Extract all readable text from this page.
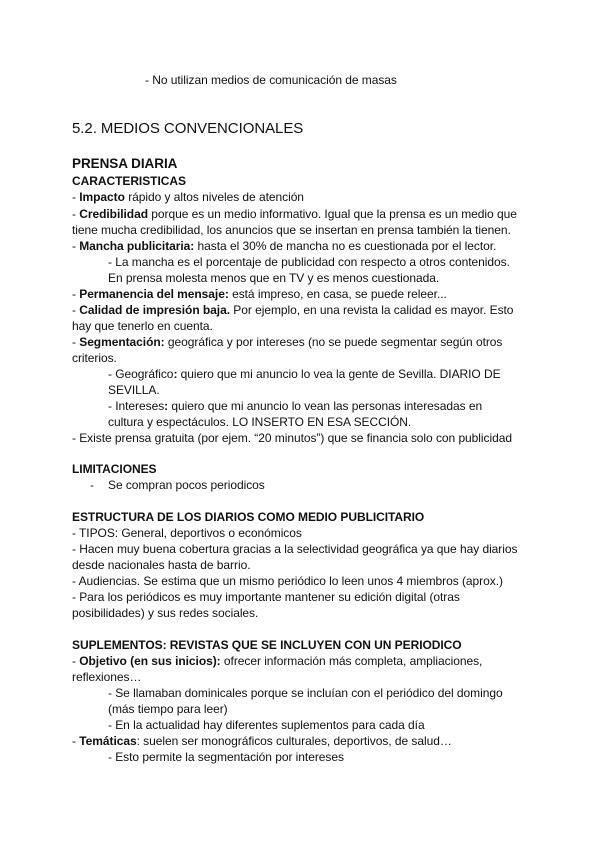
- No utilizan medios de comunicación de masas
5.2. MEDIOS CONVENCIONALES
PRENSA DIARIA
CARACTERISTICAS
- Impacto rápido y altos niveles de atención
- Credibilidad porque es un medio informativo. Igual que la prensa es un medio que
tiene mucha credibilidad, los anuncios que se insertan en prensa también la tienen.
- Mancha publicitaria: hasta el 30% de mancha no es cuestionada por el lector.
- La mancha es el porcentaje de publicidad con respecto a otros contenidos.
En prensa molesta menos que en TV y es menos cuestionada.
- Permanencia del mensaje: está impreso, en casa, se puede releer...
- Calidad de impresión baja. Por ejemplo, en una revista la calidad es mayor. Esto
hay que tenerlo en cuenta.
- Segmentación: geográfica y por intereses (no se puede segmentar según otros
criterios.
- Geográfico: quiero que mi anuncio lo vea la gente de Sevilla. DIARIO DE
SEVILLA.
- Intereses: quiero que mi anuncio lo vean las personas interesadas en
cultura y espectáculos. LO INSERTO EN ESA SECCIÓN.
- Existe prensa gratuita (por ejem. “20 minutos”) que se financia solo con publicidad
LIMITACIONES
- Se compran pocos periodicos
ESTRUCTURA DE LOS DIARIOS COMO MEDIO PUBLICITARIO
- TIPOS: General, deportivos o económicos
- Hacen muy buena cobertura gracias a la selectividad geográfica ya que hay diarios
desde nacionales hasta de barrio.
- Audiencias. Se estima que un mismo periódico lo leen unos 4 miembros (aprox.)
- Para los periódicos es muy importante mantener su edición digital (otras
posibilidades) y sus redes sociales.
SUPLEMENTOS: REVISTAS QUE SE INCLUYEN CON UN PERIODICO
- Objetivo (en sus inicios): ofrecer información más completa, ampliaciones,
reflexiones…
- Se llamaban dominicales porque se incluían con el periódico del domingo
(más tiempo para leer)
- En la actualidad hay diferentes suplementos para cada día
- Temáticas: suelen ser monográficos culturales, deportivos, de salud…
- Esto permite la segmentación por intereses
